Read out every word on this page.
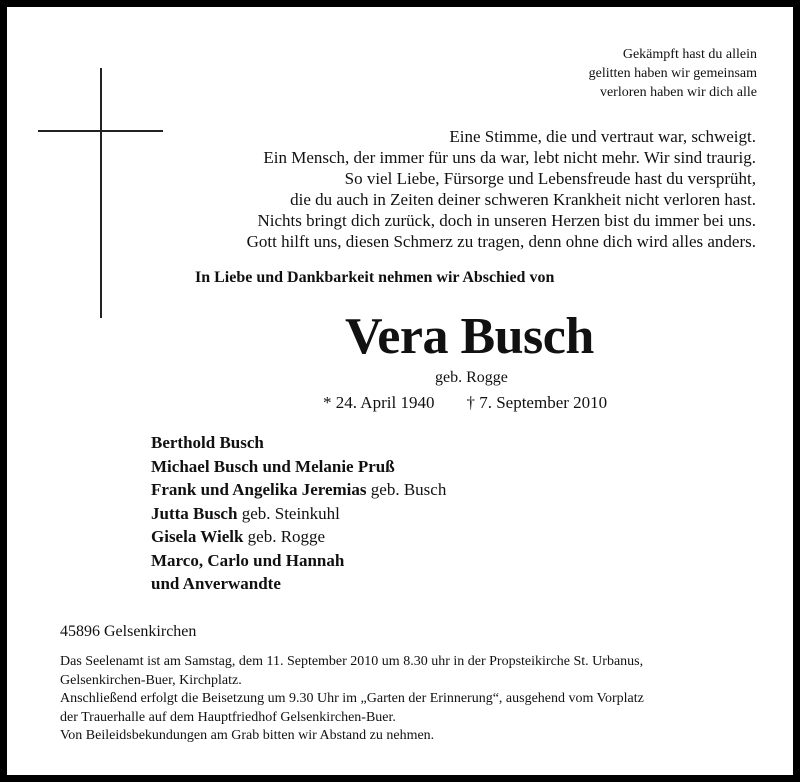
Gekämpft hast du allein
gelitten haben wir gemeinsam
verloren haben wir dich alle
Eine Stimme, die und vertraut war, schweigt.
Ein Mensch, der immer für uns da war, lebt nicht mehr. Wir sind traurig.
So viel Liebe, Fürsorge und Lebensfreude hast du versprüht,
die du auch in Zeiten deiner schweren Krankheit nicht verloren hast.
Nichts bringt dich zurück, doch in unseren Herzen bist du immer bei uns.
Gott hilft uns, diesen Schmerz zu tragen, denn ohne dich wird alles anders.
In Liebe und Dankbarkeit nehmen wir Abschied von
Vera Busch
geb. Rogge
* 24. April 1940 † 7. September 2010
Berthold Busch
Michael Busch und Melanie Pruß
Frank und Angelika Jeremias geb. Busch
Jutta Busch geb. Steinkuhl
Gisela Wielk geb. Rogge
Marco, Carlo und Hannah
und Anverwandte
45896 Gelsenkirchen
Das Seelenamt ist am Samstag, dem 11. September 2010 um 8.30 uhr in der Propsteikirche St. Urbanus,
Gelsenkirchen-Buer, Kirchplatz.
Anschließend erfolgt die Beisetzung um 9.30 Uhr im „Garten der Erinnerung“, ausgehend vom Vorplatz
der Trauerhalle auf dem Hauptfriedhof Gelsenkirchen-Buer.
Von Beileidsbekundungen am Grab bitten wir Abstand zu nehmen.
